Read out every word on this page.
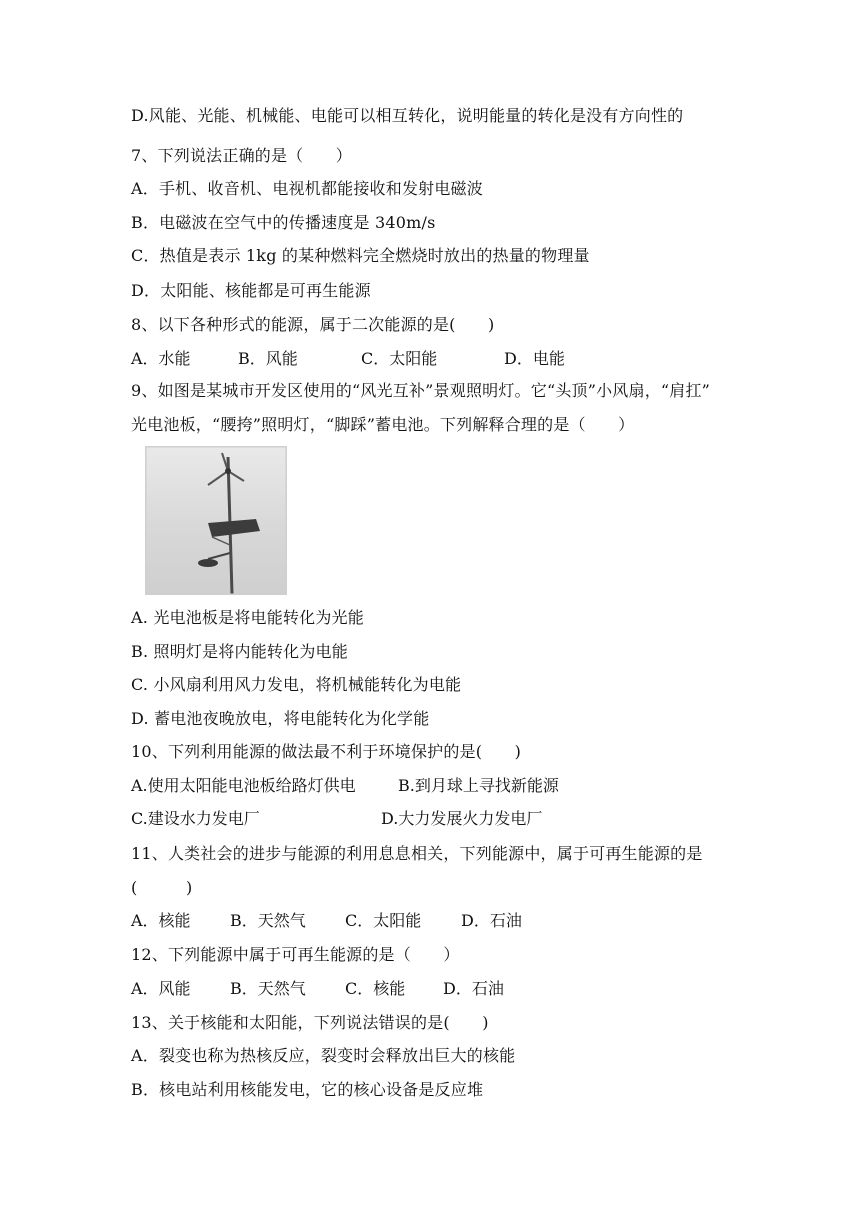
D.风能、光能、机械能、电能可以相互转化，说明能量的转化是没有方向性的
7、下列说法正确的是（　　）
A．手机、收音机、电视机都能接收和发射电磁波
B．电磁波在空气中的传播速度是 340m/s
C．热值是表示 1kg 的某种燃料完全燃烧时放出的热量的物理量
D．太阳能、核能都是可再生能源
8、以下各种形式的能源，属于二次能源的是(　　)
A．水能	B．风能	C．太阳能	D．电能
9、如图是某城市开发区使用的“风光互补”景观照明灯。它“头顶”小风扇，“肩扛”
光电池板，“腰挎”照明灯，“脚踩”蓄电池。下列解释合理的是（　　）
A. 光电池板是将电能转化为光能
B. 照明灯是将内能转化为电能
C. 小风扇利用风力发电，将机械能转化为电能
D. 蓄电池夜晚放电，将电能转化为化学能
10、下列利用能源的做法最不利于环境保护的是(　　)
A.使用太阳能电池板给路灯供电	B.到月球上寻找新能源
C.建设水力发电厂	D.大力发展火力发电厂
11、人类社会的进步与能源的利用息息相关，下列能源中，属于可再生能源的是
(　　　)
A．核能 B．天然气 C．太阳能 D．石油
12、下列能源中属于可再生能源的是（　　）
A．风能 B．天然气 C．核能 D．石油
13、关于核能和太阳能，下列说法错误的是(　　)
A．裂变也称为热核反应，裂变时会释放出巨大的核能
B．核电站利用核能发电，它的核心设备是反应堆
